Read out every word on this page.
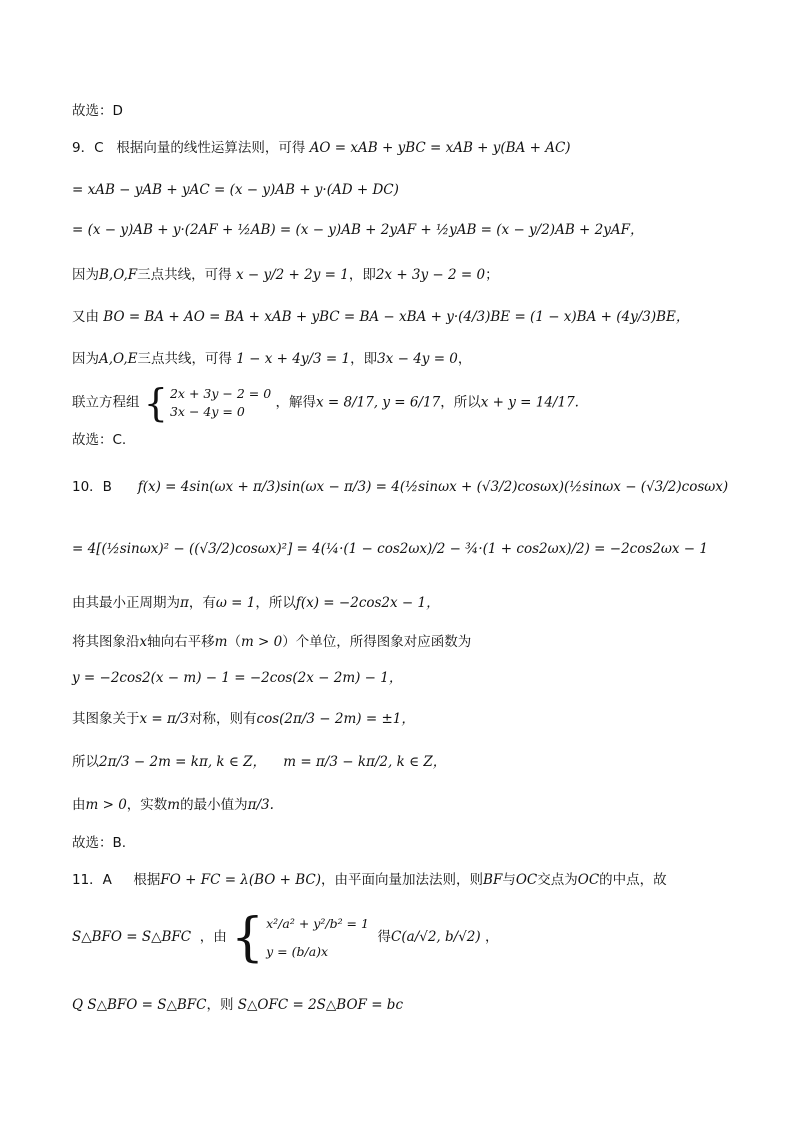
故选：D
9．C 根据向量的线性运算法则，可得 AO = xAB + yBC = xAB + y(BA + AC)
= xAB − yAB + yAC = (x − y)AB + y·(AD + DC)
= (x − y)AB + y·(2AF + ½AB) = (x − y)AB + 2yAF + ½yAB = (x − y/2)AB + 2yAF，
因为B,O,F三点共线，可得 x − y/2 + 2y = 1，即2x + 3y − 2 = 0；
又由 BO = BA + AO = BA + xAB + yBC = BA − xBA + y·(4/3)BE = (1 − x)BA + (4y/3)BE，
因为A,O,E三点共线，可得 1 − x + 4y/3 = 1，即3x − 4y = 0，
联立方程组 { 2x + 3y − 2 = 0
3x − 4y = 0
，解得x = 8/17, y = 6/17，所以x + y = 14/17.
故选：C.
10．B f(x) = 4sin(ωx + π/3)sin(ωx − π/3) = 4(½sinωx + (√3/2)cosωx)(½sinωx − (√3/2)cosωx)
= 4[(½sinωx)² − ((√3/2)cosωx)²] = 4(¼·(1 − cos2ωx)/2 − ¾·(1 + cos2ωx)/2) = −2cos2ωx − 1
由其最小正周期为π，有ω = 1，所以f(x) = −2cos2x − 1，
将其图象沿x轴向右平移m（m > 0）个单位，所得图象对应函数为
y = −2cos2(x − m) − 1 = −2cos(2x − 2m) − 1，
其图象关于x = π/3对称，则有cos(2π/3 − 2m) = ±1，
所以2π/3 − 2m = kπ, k ∈ Z， m = π/3 − kπ/2, k ∈ Z，
由m > 0，实数m的最小值为π/3.
故选：B.
11．A 根据FO + FC = λ(BO + BC)，由平面向量加法法则，则BF与OC交点为OC的中点，故
S△BFO = S△BFC ，由 { x²/a² + y²/b² = 1
y = (b/a)x
得C(a/√2, b/√2) ，
Q S△BFO = S△BFC，则 S△OFC = 2S△BOF = bc
